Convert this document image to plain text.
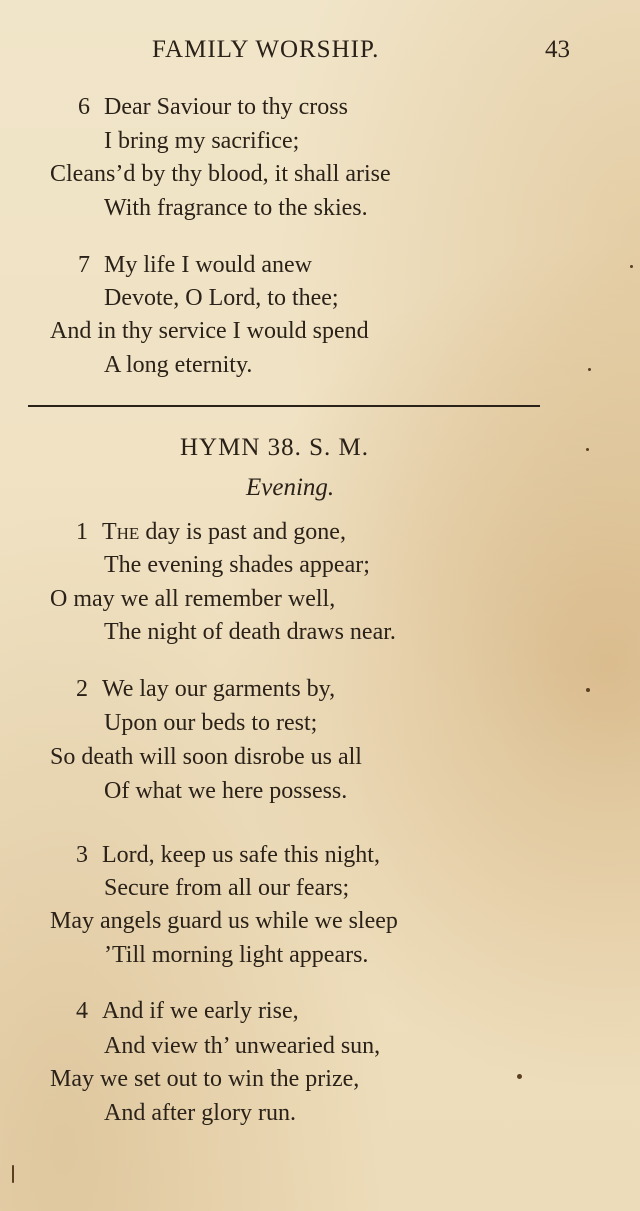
FAMILY WORSHIP.	43
6 Dear Saviour to thy cross
I bring my sacrifice;
Cleans’d by thy blood, it shall arise
With fragrance to the skies.
7 My life I would anew
Devote, O Lord, to thee;
And in thy service I would spend
A long eternity.
HYMN 38. S. M.
Evening.
1 The day is past and gone,
The evening shades appear;
O may we all remember well,
The night of death draws near.
2 We lay our garments by,
Upon our beds to rest;
So death will soon disrobe us all
Of what we here possess.
3 Lord, keep us safe this night,
Secure from all our fears;
May angels guard us while we sleep
’Till morning light appears.
4 And if we early rise,
And view th’ unwearied sun,
May we set out to win the prize,
And after glory run.
